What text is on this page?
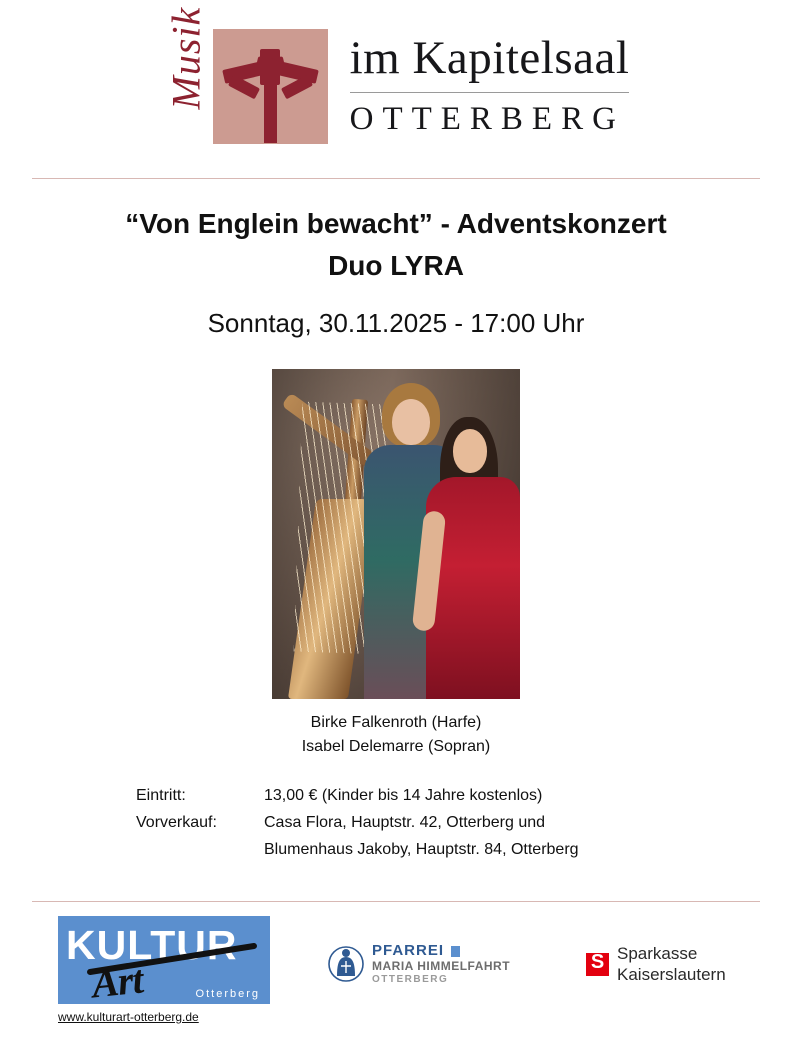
Musik	im Kapitelsaal
OTTERBERG
“Von Englein bewacht” - Adventskonzert
Duo LYRA
Sonntag, 30.11.2025 - 17:00 Uhr
Birke Falkenroth (Harfe)
Isabel Delemarre (Sopran)
Eintritt:	13,00 € (Kinder bis 14 Jahre kostenlos)
Vorverkauf:	Casa Flora, Hauptstr. 42, Otterberg und
	Blumenhaus Jakoby, Hauptstr. 84, Otterberg
KULTUR
Otterberg
Art
www.kulturart-otterberg.de
PFARREI
MARIA HIMMELFAHRT
OTTERBERG
S
Sparkasse
Kaiserslautern
